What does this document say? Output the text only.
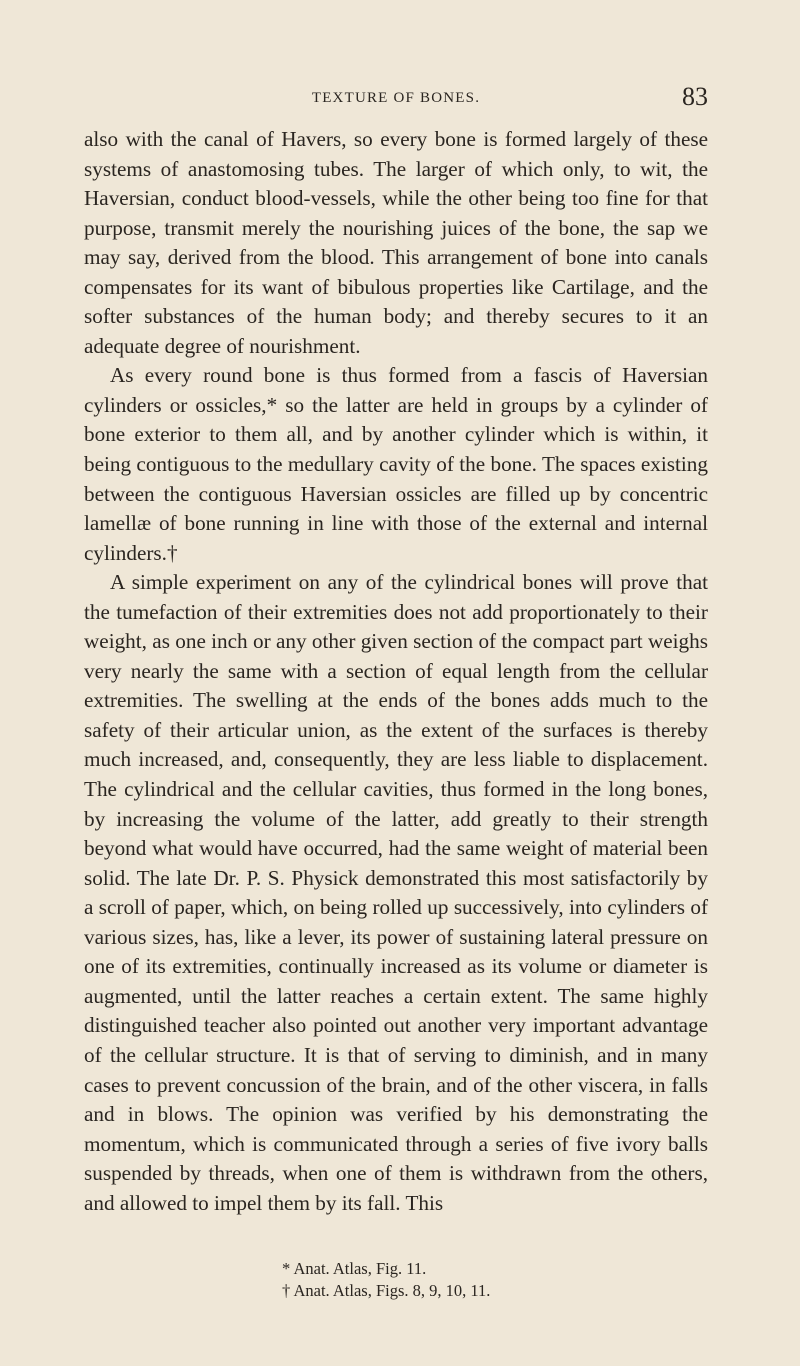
TEXTURE OF BONES.	83

also with the canal of Havers, so every bone is formed largely of these systems of anastomosing tubes. The larger of which only, to wit, the Haversian, conduct blood-vessels, while the other being too fine for that purpose, transmit merely the nourishing juices of the bone, the sap we may say, derived from the blood. This arrangement of bone into canals compensates for its want of bibulous properties like Cartilage, and the softer substances of the human body; and thereby secures to it an adequate degree of nourishment.

As every round bone is thus formed from a fascis of Haversian cylinders or ossicles,* so the latter are held in groups by a cylinder of bone exterior to them all, and by another cylinder which is within, it being contiguous to the medullary cavity of the bone. The spaces existing between the contiguous Haversian ossicles are filled up by concentric lamellæ of bone running in line with those of the external and internal cylinders.†

A simple experiment on any of the cylindrical bones will prove that the tumefaction of their extremities does not add proportionately to their weight, as one inch or any other given section of the compact part weighs very nearly the same with a section of equal length from the cellular extremities. The swelling at the ends of the bones adds much to the safety of their articular union, as the extent of the surfaces is thereby much increased, and, consequently, they are less liable to displacement. The cylindrical and the cellular cavities, thus formed in the long bones, by increasing the volume of the latter, add greatly to their strength beyond what would have occurred, had the same weight of material been solid. The late Dr. P. S. Physick demonstrated this most satisfactorily by a scroll of paper, which, on being rolled up successively, into cylinders of various sizes, has, like a lever, its power of sustaining lateral pressure on one of its extremities, continually increased as its volume or diameter is augmented, until the latter reaches a certain extent. The same highly distinguished teacher also pointed out another very important advantage of the cellular structure. It is that of serving to diminish, and in many cases to prevent concussion of the brain, and of the other viscera, in falls and in blows. The opinion was verified by his demonstrating the momentum, which is communicated through a series of five ivory balls suspended by threads, when one of them is withdrawn from the others, and allowed to impel them by its fall. This

* Anat. Atlas, Fig. 11.

† Anat. Atlas, Figs. 8, 9, 10, 11.
